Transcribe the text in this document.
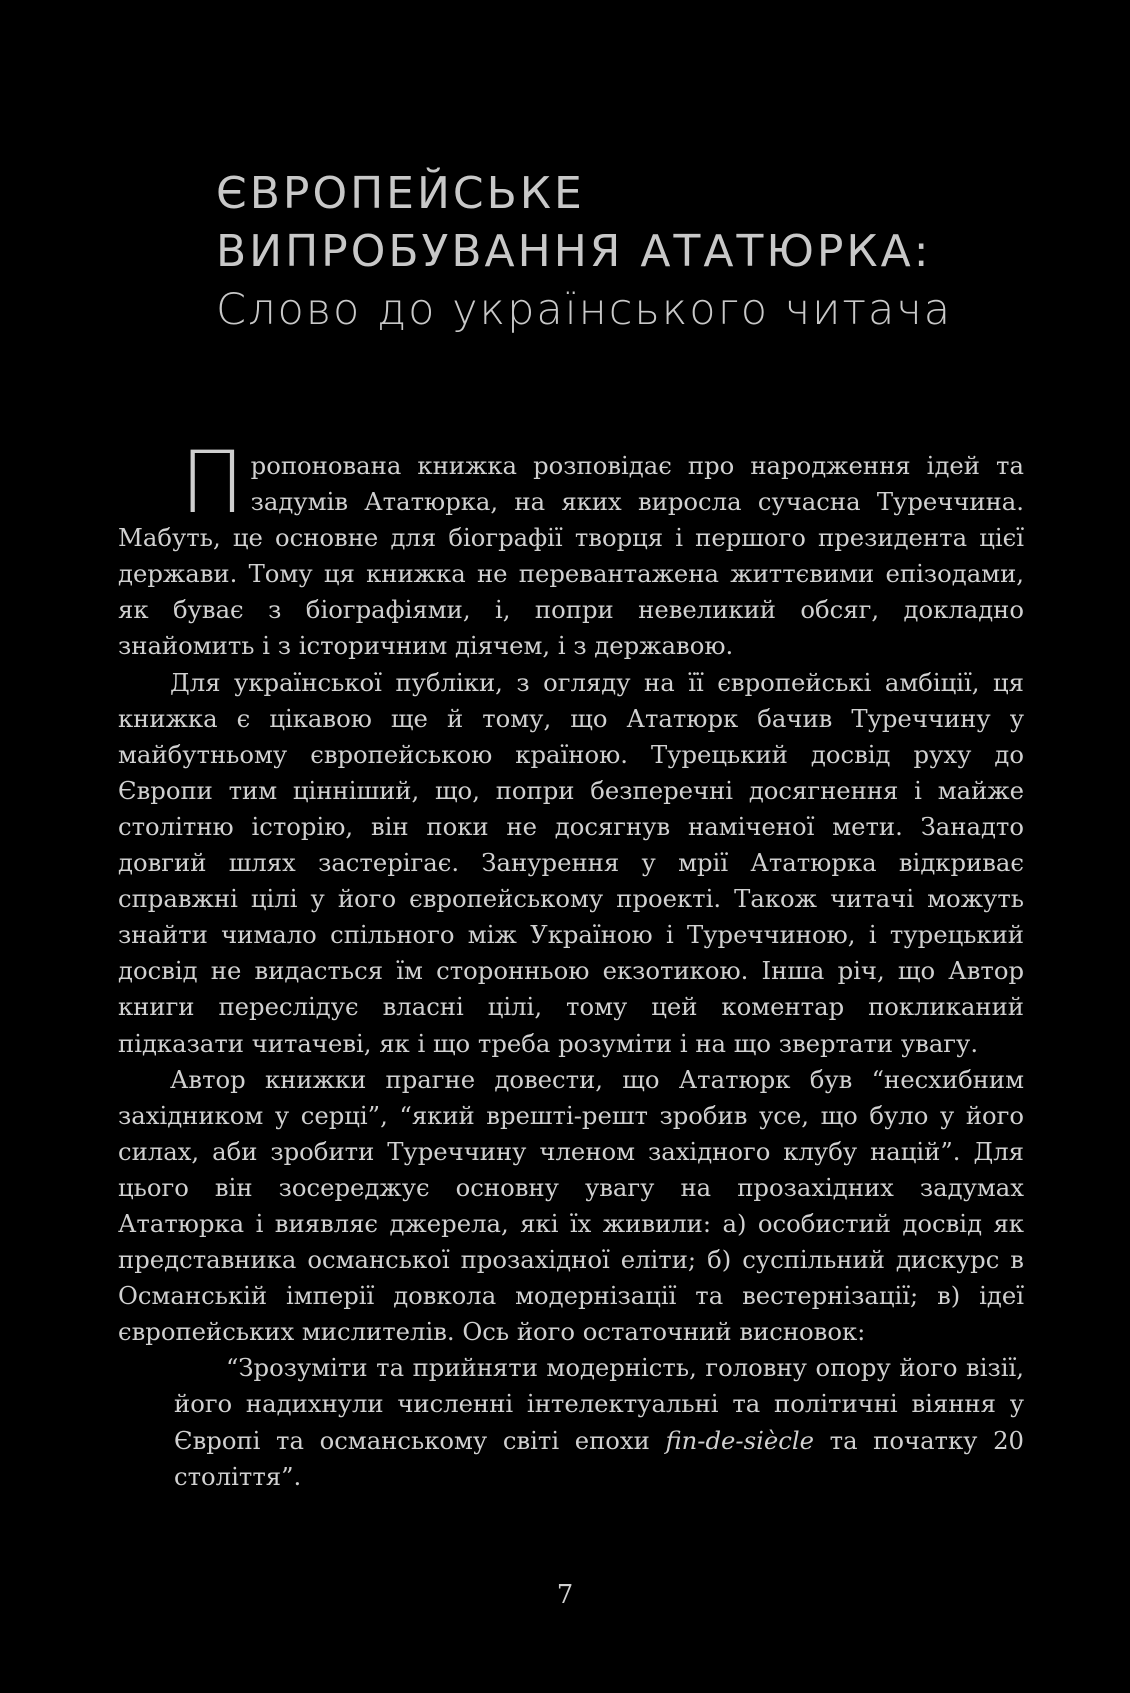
ЄВРОПЕЙСЬКЕ
ВИПРОБУВАННЯ АТАТЮРКА:
Слово до українського читача

Пропонована книжка розповідає про народження ідей та задумів Ататюрка, на яких виросла сучасна Туреччина. Мабуть, це основне для біографії творця і першого президента цієї держави. Тому ця книжка не перевантажена життєвими епізодами, як буває з біографіями, і, попри невеликий обсяг, докладно знайомить і з історичним діячем, і з державою.

Для української публіки, з огляду на її європейські амбіції, ця книжка є цікавою ще й тому, що Ататюрк бачив Туреччину у майбутньому європейською країною. Турецький досвід руху до Європи тим цінніший, що, попри безперечні досягнення і майже столітню історію, він поки не досягнув наміченої мети. Занадто довгий шлях застерігає. Занурення у мрії Ататюрка відкриває справжні цілі у його європейському проекті. Також читачі можуть знайти чимало спільного між Україною і Туреччиною, і турецький досвід не видасться їм сторонньою екзотикою. Інша річ, що Автор книги переслідує власні цілі, тому цей коментар покликаний підказати читачеві, як і що треба розуміти і на що звертати увагу.

Автор книжки прагне довести, що Ататюрк був “несхибним західником у серці”, “який врешті-решт зробив усе, що було у його силах, аби зробити Туреччину членом західного клубу націй”. Для цього він зосереджує основну увагу на прозахідних задумах Ататюрка і виявляє джерела, які їх живили: а) особистий досвід як представника османської прозахідної еліти; б) суспільний дискурс в Османській імперії довкола модернізації та вестернізації; в) ідеї європейських мислителів. Ось його остаточний висновок:

“Зрозуміти та прийняти модерність, головну опору його візії, його надихнули численні інтелектуальні та політичні віяння у Європі та османському світі епохи fin-de-siècle та початку 20 століття”.

7
